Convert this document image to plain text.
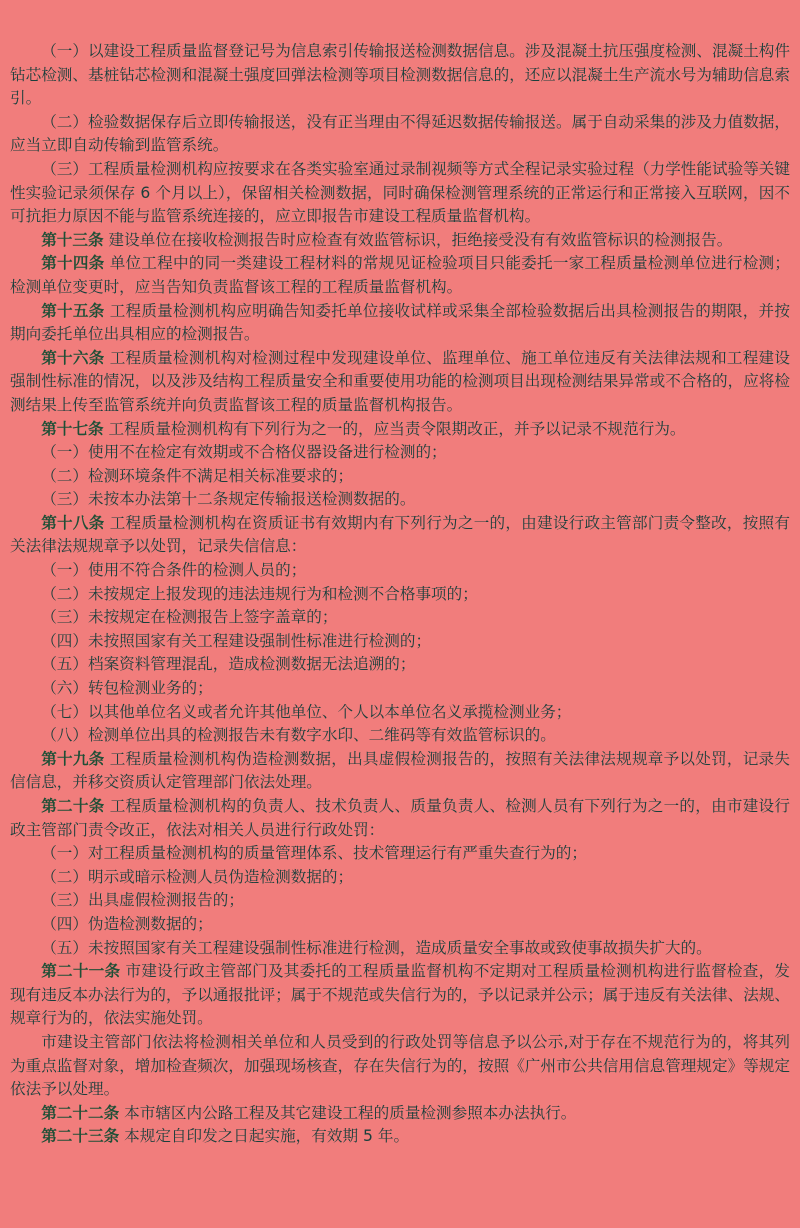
（一）以建设工程质量监督登记号为信息索引传输报送检测数据信息。涉及混凝土抗压强度检测、混凝土构件钻芯检测、基桩钻芯检测和混凝土强度回弹法检测等项目检测数据信息的，还应以混凝土生产流水号为辅助信息索引。

（二）检验数据保存后立即传输报送，没有正当理由不得延迟数据传输报送。属于自动采集的涉及力值数据，应当立即自动传输到监管系统。

（三）工程质量检测机构应按要求在各类实验室通过录制视频等方式全程记录实验过程（力学性能试验等关键性实验记录须保存 6 个月以上），保留相关检测数据，同时确保检测管理系统的正常运行和正常接入互联网，因不可抗拒力原因不能与监管系统连接的，应立即报告市建设工程质量监督机构。

第十三条 建设单位在接收检测报告时应检查有效监管标识，拒绝接受没有有效监管标识的检测报告。

第十四条 单位工程中的同一类建设工程材料的常规见证检验项目只能委托一家工程质量检测单位进行检测；检测单位变更时，应当告知负责监督该工程的工程质量监督机构。

第十五条 工程质量检测机构应明确告知委托单位接收试样或采集全部检验数据后出具检测报告的期限，并按期向委托单位出具相应的检测报告。

第十六条 工程质量检测机构对检测过程中发现建设单位、监理单位、施工单位违反有关法律法规和工程建设强制性标准的情况，以及涉及结构工程质量安全和重要使用功能的检测项目出现检测结果异常或不合格的，应将检测结果上传至监管系统并向负责监督该工程的质量监督机构报告。

第十七条 工程质量检测机构有下列行为之一的，应当责令限期改正，并予以记录不规范行为。

（一）使用不在检定有效期或不合格仪器设备进行检测的；

（二）检测环境条件不满足相关标准要求的；

（三）未按本办法第十二条规定传输报送检测数据的。

第十八条 工程质量检测机构在资质证书有效期内有下列行为之一的，由建设行政主管部门责令整改，按照有关法律法规规章予以处罚，记录失信信息：

（一）使用不符合条件的检测人员的；

（二）未按规定上报发现的违法违规行为和检测不合格事项的；

（三）未按规定在检测报告上签字盖章的；

（四）未按照国家有关工程建设强制性标准进行检测的；

（五）档案资料管理混乱，造成检测数据无法追溯的；

（六）转包检测业务的；

（七）以其他单位名义或者允许其他单位、个人以本单位名义承揽检测业务；

（八）检测单位出具的检测报告未有数字水印、二维码等有效监管标识的。

第十九条 工程质量检测机构伪造检测数据，出具虚假检测报告的，按照有关法律法规规章予以处罚，记录失信信息，并移交资质认定管理部门依法处理。

第二十条 工程质量检测机构的负责人、技术负责人、质量负责人、检测人员有下列行为之一的，由市建设行政主管部门责令改正，依法对相关人员进行行政处罚：

（一）对工程质量检测机构的质量管理体系、技术管理运行有严重失查行为的；

（二）明示或暗示检测人员伪造检测数据的；

（三）出具虚假检测报告的；

（四）伪造检测数据的；

（五）未按照国家有关工程建设强制性标准进行检测，造成质量安全事故或致使事故损失扩大的。

第二十一条 市建设行政主管部门及其委托的工程质量监督机构不定期对工程质量检测机构进行监督检查，发现有违反本办法行为的，予以通报批评；属于不规范或失信行为的，予以记录并公示；属于违反有关法律、法规、规章行为的，依法实施处罚。

市建设主管部门依法将检测相关单位和人员受到的行政处罚等信息予以公示,对于存在不规范行为的，将其列为重点监督对象，增加检查频次，加强现场核查，存在失信行为的，按照《广州市公共信用信息管理规定》等规定依法予以处理。

第二十二条 本市辖区内公路工程及其它建设工程的质量检测参照本办法执行。

第二十三条 本规定自印发之日起实施，有效期 5 年。
